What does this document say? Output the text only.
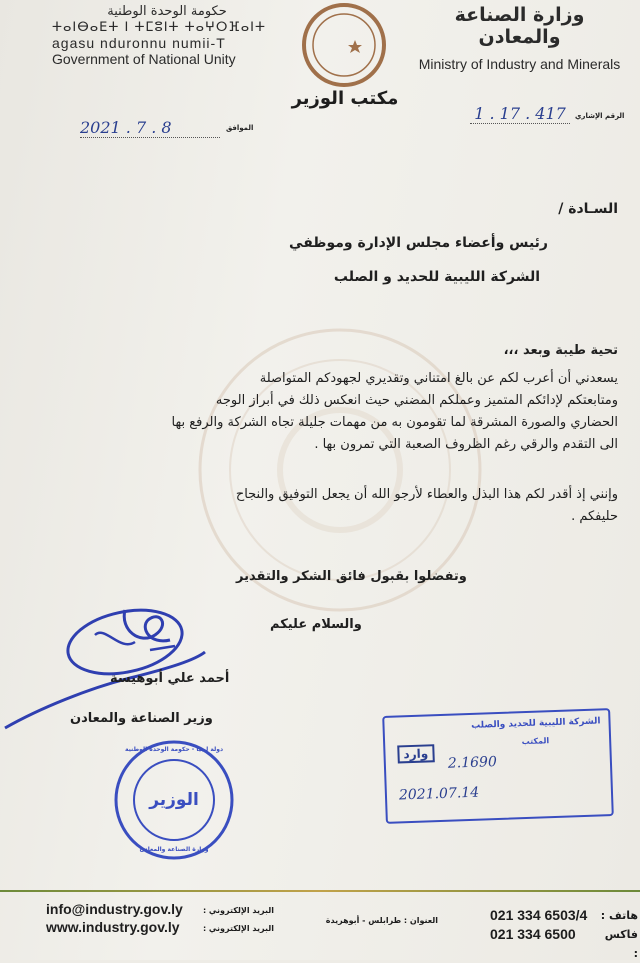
حكومة الوحدة الوطنية
ⵜⴰⵏⴱⴰⴹⵜ ⵏ ⵜⵎⵓⵏⵜ ⵜⴰⵖⵔⴼⴰⵏⵜ
agasu nduronnu numii-T
Government of National Unity
مكتب الوزير
وزارة الصناعة والمعادن
Ministry of Industry and Minerals
2021 . 7 . 8	الموافق
1 . 17 . 417	الرقم الإشاري
السـادة /
رئيس وأعضاء مجلس الإدارة وموظفي
الشركة الليبية للحديد و الصلب
تحية طيبة وبعد ،،،
يسعدني أن أعرب لكم عن بالغ امتناني وتقديري لجهودكم المتواصلة
ومتابعتكم لإدائكم المتميز وعملكم المضني حيث انعكس ذلك في أبراز الوجه
الحضاري والصورة المشرقة لما تقومون به من مهمات جليلة تجاه الشركة والرفع بها
الى التقدم والرقي رغم الظروف الصعبة التي تمرون بها .
وإنني إذ أقدر لكم هذا البذل والعطاء لأرجو الله أن يجعل التوفيق والنجاح
حليفكم .
وتفضلوا بقبول فائق الشكر والتقدير
والسلام عليكم
أحمد علي أبوهيسة
وزير الصناعة والمعادن
دولة ليبيا - حكومة الوحدة الوطنية
الوزير
وزارة الصناعة والمعادن
الشركة الليبية للحديد والصلب
المكتب
وارد
2.1690
2021.07.14
info@industry.gov.ly
www.industry.gov.ly
البريد الإلكتروني :
البريد الإلكتروني :
العنوان : طرابلس - أبوهريدة	021 334 6503/4
021 334 6500
هاتف :
فاكس :
